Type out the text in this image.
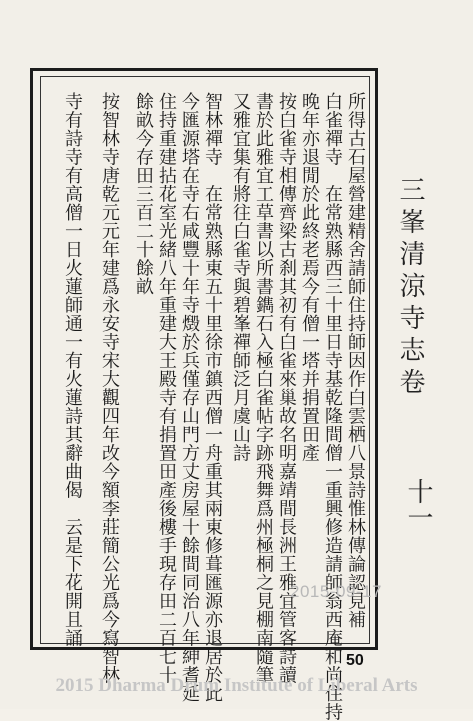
所得古石屋營建精舍請師住持師因作白雲栖八景詩惟林傳論認見補
白雀禪寺　在常熟縣西三十里日寺基乾隆間僧一重興修造請師翁西庵和尚住持
晚年亦退閒於此終老焉今有僧一塔并捐置田產
按白雀寺相傳齊梁古刹其初有白雀來巢故名明嘉靖間長洲王雅宜管客詩讀
書於此雅宜工草書以所書鐫石入極白雀帖字跡飛舞爲州極桐之見棚南隨筆
又雅宜集有將往白雀寺與碧峯禪師泛月虞山詩
智林禪寺　在常熟縣東五十里徐市鎮西僧一舟重其兩東修葺匯源亦退居於此
今匯源塔在寺右咸豐十年寺燬於兵僅存山門方丈房屋十餘間同治八年紳耆延
住持重建拈花室光緒八年重建大王殿寺有捐置田產後樓手現存田二百七十
餘畝今存田三百二十餘畝
按智林寺唐乾元元年建爲永安寺宋大觀四年改今額李莊簡公光爲今寫智林
寺有詩寺有高僧一日火蓮師通一有火蓮詩其辭曲偈　云是下花開且誦	三峯清涼寺志卷
十一
2015-09-17
50
2015 Dharma Drum Institute of Liberal Arts
